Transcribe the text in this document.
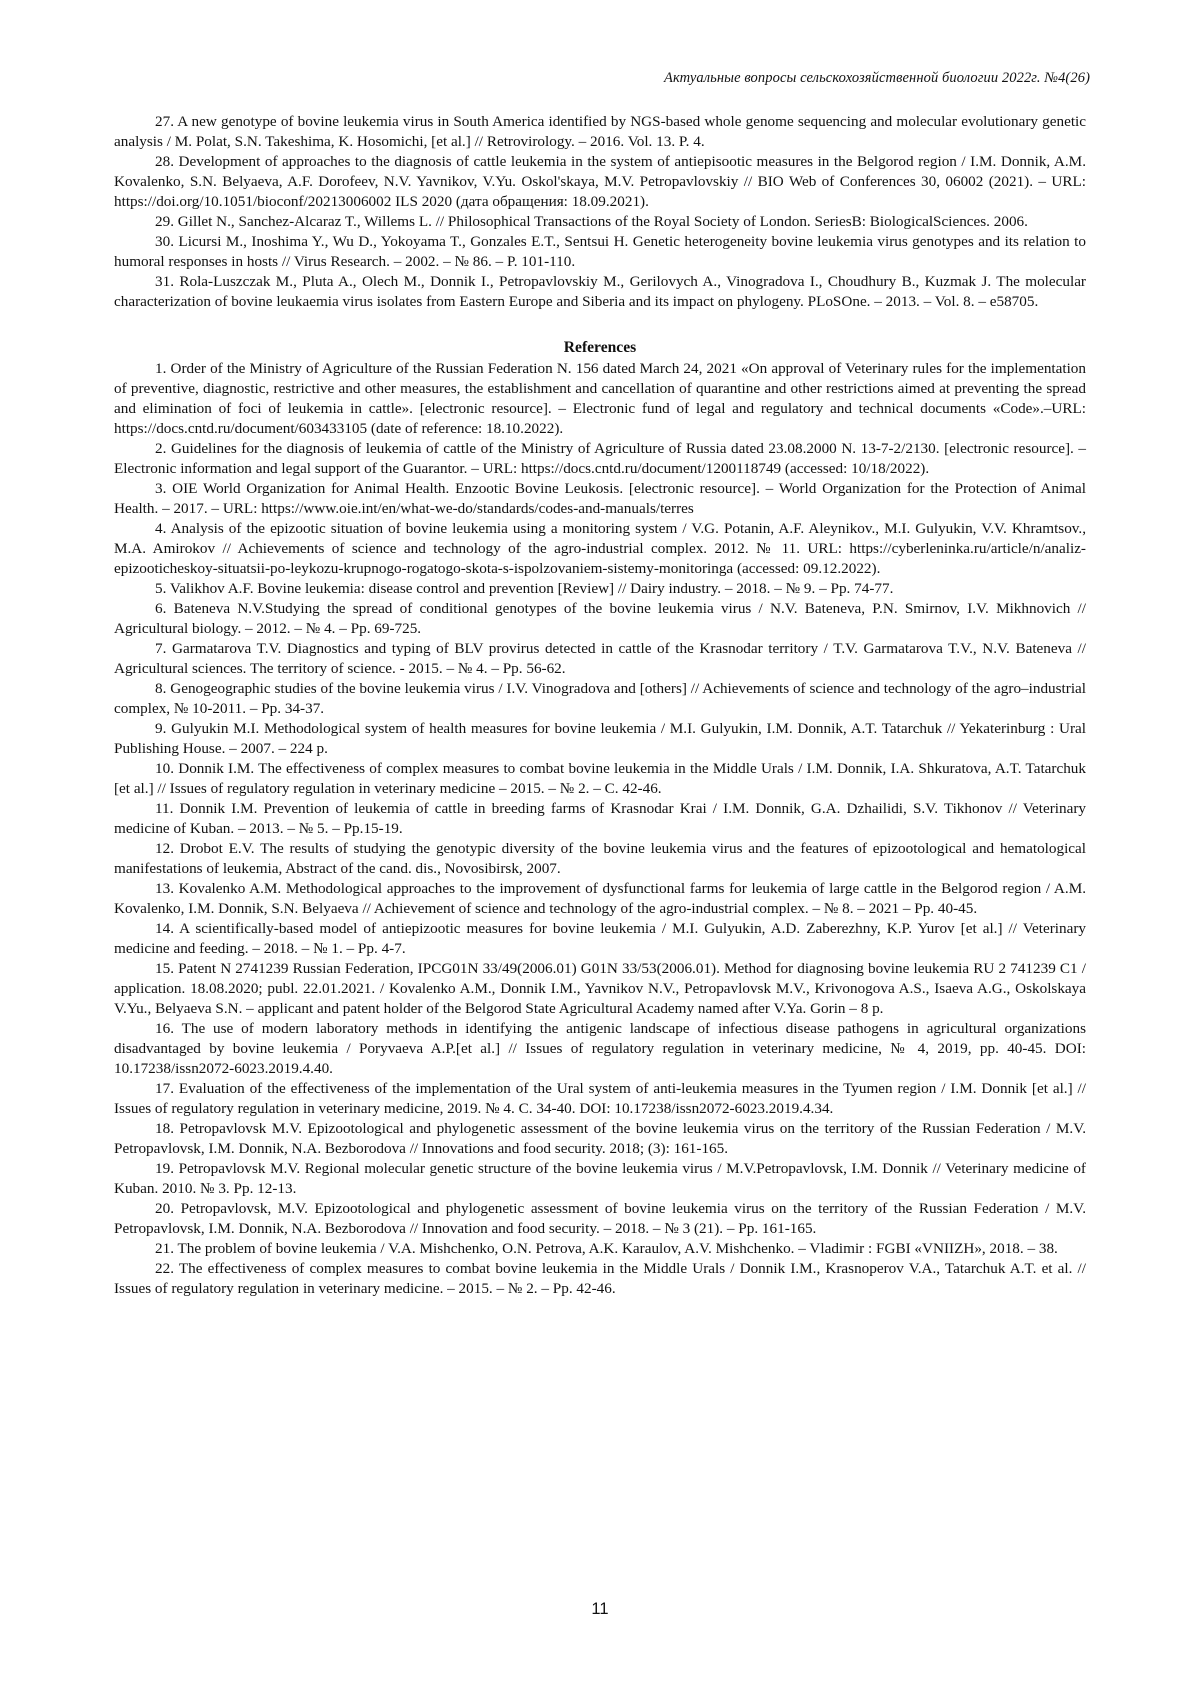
Актуальные вопросы сельскохозяйственной биологии 2022г. №4(26)

27. A new genotype of bovine leukemia virus in South America identified by NGS-based whole genome sequencing and molecular evolutionary genetic analysis / M. Polat, S.N. Takeshima, K. Hosomichi, [et al.] // Retrovirology. – 2016. Vol. 13. P. 4.

28. Development of approaches to the diagnosis of cattle leukemia in the system of antiepisootic measures in the Belgorod region / I.M. Donnik, A.M. Kovalenko, S.N. Belyaeva, A.F. Dorofeev, N.V. Yavnikov, V.Yu. Oskol'skaya, M.V. Petropavlovskiy // BIO Web of Conferences 30, 06002 (2021). – URL: https://doi.org/10.1051/bioconf/20213006002 ILS 2020 (дата обращения: 18.09.2021).

29. Gillet N., Sanchez-Alcaraz T., Willems L. // Philosophical Transactions of the Royal Society of London. SeriesB: BiologicalSciences. 2006.

30. Licursi M., Inoshima Y., Wu D., Yokoyama T., Gonzales E.T., Sentsui H. Genetic heterogeneity bovine leukemia virus genotypes and its relation to humoral responses in hosts // Virus Research. – 2002. – № 86. – P. 101-110.

31. Rola-Luszczak M., Pluta A., Olech M., Donnik I., Petropavlovskiy M., Gerilovych A., Vinogradova I., Choudhury B., Kuzmak J. The molecular characterization of bovine leukaemia virus isolates from Eastern Europe and Siberia and its impact on phylogeny. PLoSOne. – 2013. – Vol. 8. – e58705.

References

1. Order of the Ministry of Agriculture of the Russian Federation N. 156 dated March 24, 2021 «On approval of Veterinary rules for the implementation of preventive, diagnostic, restrictive and other measures, the establishment and cancellation of quarantine and other restrictions aimed at preventing the spread and elimination of foci of leukemia in cattle». [electronic resource]. – Electronic fund of legal and regulatory and technical documents «Code».–URL: https://docs.cntd.ru/document/603433105 (date of reference: 18.10.2022).

2. Guidelines for the diagnosis of leukemia of cattle of the Ministry of Agriculture of Russia dated 23.08.2000 N. 13-7-2/2130. [electronic resource]. – Electronic information and legal support of the Guarantor. – URL: https://docs.cntd.ru/document/1200118749 (accessed: 10/18/2022).

3. OIE World Organization for Animal Health. Enzootic Bovine Leukosis. [electronic resource]. – World Organization for the Protection of Animal Health. – 2017. – URL: https://www.oie.int/en/what-we-do/standards/codes-and-manuals/terres

4. Analysis of the epizootic situation of bovine leukemia using a monitoring system / V.G. Potanin, A.F. Aleynikov., M.I. Gulyukin, V.V. Khramtsov., M.A. Amirokov // Achievements of science and technology of the agro-industrial complex. 2012. № 11. URL: https://cyberleninka.ru/article/n/analiz-epizooticheskoy-situatsii-po-leykozu-krupnogo-rogatogo-skota-s-ispolzovaniem-sistemy-monitoringa (accessed: 09.12.2022).

5. Valikhov A.F. Bovine leukemia: disease control and prevention [Review] // Dairy industry. – 2018. – № 9. – Pp. 74-77.

6. Bateneva N.V.Studying the spread of conditional genotypes of the bovine leukemia virus / N.V. Bateneva, P.N. Smirnov, I.V. Mikhnovich // Agricultural biology. – 2012. – № 4. – Pp. 69-725.

7. Garmatarova T.V. Diagnostics and typing of BLV provirus detected in cattle of the Krasnodar territory / T.V. Garmatarova T.V., N.V. Bateneva // Agricultural sciences. The territory of science. - 2015. – № 4. – Pp. 56-62.

8. Genogeographic studies of the bovine leukemia virus / I.V. Vinogradova and [others] // Achievements of science and technology of the agro–industrial complex, № 10-2011. – Pp. 34-37.

9. Gulyukin M.I. Methodological system of health measures for bovine leukemia / M.I. Gulyukin, I.M. Donnik, A.T. Tatarchuk // Yekaterinburg : Ural Publishing House. – 2007. – 224 p.

10. Donnik I.M. The effectiveness of complex measures to combat bovine leukemia in the Middle Urals / I.M. Donnik, I.A. Shkuratova, A.T. Tatarchuk [et al.] // Issues of regulatory regulation in veterinary medicine – 2015. – № 2. – C. 42-46.

11. Donnik I.M. Prevention of leukemia of cattle in breeding farms of Krasnodar Krai / I.M. Donnik, G.A. Dzhailidi, S.V. Tikhonov // Veterinary medicine of Kuban. – 2013. – № 5. – Pp.15-19.

12. Drobot E.V. The results of studying the genotypic diversity of the bovine leukemia virus and the features of epizootological and hematological manifestations of leukemia, Abstract of the cand. dis., Novosibirsk, 2007.

13. Kovalenko A.M. Methodological approaches to the improvement of dysfunctional farms for leukemia of large cattle in the Belgorod region / A.M. Kovalenko, I.M. Donnik, S.N. Belyaeva // Achievement of science and technology of the agro-industrial complex. – № 8. – 2021 – Pp. 40-45.

14. A scientifically-based model of antiepizootic measures for bovine leukemia / M.I. Gulyukin, A.D. Zaberezhny, K.P. Yurov [et al.] // Veterinary medicine and feeding. – 2018. – № 1. – Pp. 4-7.

15. Patent N 2741239 Russian Federation, IPCG01N 33/49(2006.01) G01N 33/53(2006.01). Method for diagnosing bovine leukemia RU 2 741239 C1 / application. 18.08.2020; publ. 22.01.2021. / Kovalenko A.M., Donnik I.M., Yavnikov N.V., Petropavlovsk M.V., Krivonogova A.S., Isaeva A.G., Oskolskaya V.Yu., Belyaeva S.N. – applicant and patent holder of the Belgorod State Agricultural Academy named after V.Ya. Gorin – 8 p.

16. The use of modern laboratory methods in identifying the antigenic landscape of infectious disease pathogens in agricultural organizations disadvantaged by bovine leukemia / Poryvaeva A.P.[et al.] // Issues of regulatory regulation in veterinary medicine, № 4, 2019, pp. 40-45. DOI: 10.17238/issn2072-6023.2019.4.40.

17. Evaluation of the effectiveness of the implementation of the Ural system of anti-leukemia measures in the Tyumen region / I.M. Donnik [et al.] // Issues of regulatory regulation in veterinary medicine, 2019. № 4. C. 34-40. DOI: 10.17238/issn2072-6023.2019.4.34.

18. Petropavlovsk M.V. Epizootological and phylogenetic assessment of the bovine leukemia virus on the territory of the Russian Federation / M.V. Petropavlovsk, I.M. Donnik, N.A. Bezborodova // Innovations and food security. 2018; (3): 161-165.

19. Petropavlovsk M.V. Regional molecular genetic structure of the bovine leukemia virus / M.V.Petropavlovsk, I.M. Donnik // Veterinary medicine of Kuban. 2010. № 3. Pp. 12-13.

20. Petropavlovsk, M.V. Epizootological and phylogenetic assessment of bovine leukemia virus on the territory of the Russian Federation / M.V. Petropavlovsk, I.M. Donnik, N.A. Bezborodova // Innovation and food security. – 2018. – № 3 (21). – Pp. 161-165.

21. The problem of bovine leukemia / V.A. Mishchenko, O.N. Petrova, A.K. Karaulov, A.V. Mishchenko. – Vladimir : FGBI «VNIIZH», 2018. – 38.

22. The effectiveness of complex measures to combat bovine leukemia in the Middle Urals / Donnik I.M., Krasnoperov V.A., Tatarchuk A.T. et al. // Issues of regulatory regulation in veterinary medicine. – 2015. – № 2. – Pp. 42-46.

11
